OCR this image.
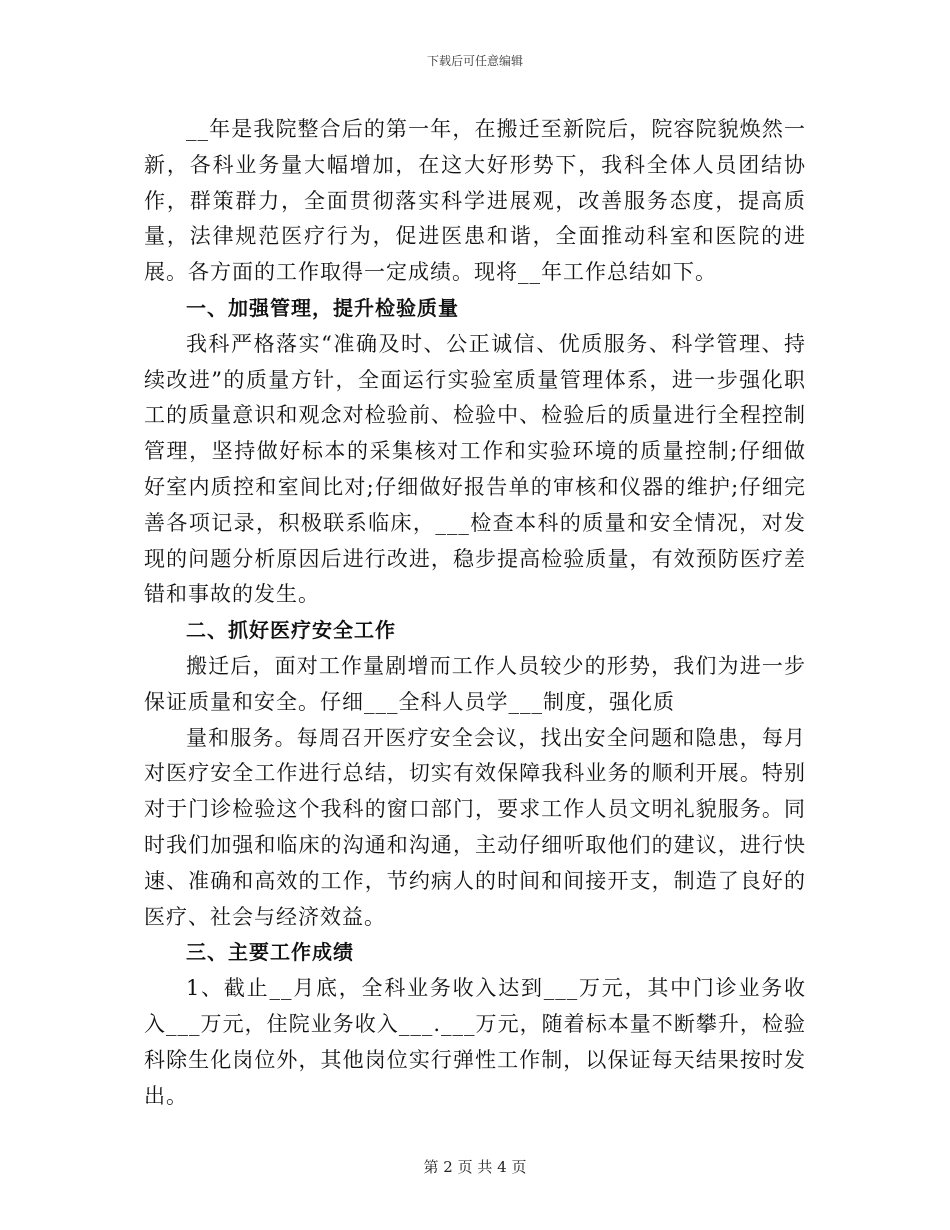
下载后可任意编辑

__年是我院整合后的第一年，在搬迁至新院后，院容院貌焕然一新，各科业务量大幅增加，在这大好形势下，我科全体人员团结协作，群策群力，全面贯彻落实科学进展观，改善服务态度，提高质量，法律规范医疗行为，促进医患和谐，全面推动科室和医院的进展。各方面的工作取得一定成绩。现将__年工作总结如下。

一、加强管理，提升检验质量

我科严格落实“准确及时、公正诚信、优质服务、科学管理、持续改进”的质量方针，全面运行实验室质量管理体系，进一步强化职工的质量意识和观念对检验前、检验中、检验后的质量进行全程控制管理，坚持做好标本的采集核对工作和实验环境的质量控制;仔细做好室内质控和室间比对;仔细做好报告单的审核和仪器的维护;仔细完善各项记录，积极联系临床，___检查本科的质量和安全情况，对发现的问题分析原因后进行改进，稳步提高检验质量，有效预防医疗差错和事故的发生。

二、抓好医疗安全工作

搬迁后，面对工作量剧增而工作人员较少的形势，我们为进一步保证质量和安全。仔细___全科人员学___制度，强化质

量和服务。每周召开医疗安全会议，找出安全问题和隐患，每月对医疗安全工作进行总结，切实有效保障我科业务的顺利开展。特别对于门诊检验这个我科的窗口部门，要求工作人员文明礼貌服务。同时我们加强和临床的沟通和沟通，主动仔细听取他们的建议，进行快速、准确和高效的工作，节约病人的时间和间接开支，制造了良好的医疗、社会与经济效益。

三、主要工作成绩

1、截止__月底，全科业务收入达到___万元，其中门诊业务收入___万元，住院业务收入___.___万元，随着标本量不断攀升，检验科除生化岗位外，其他岗位实行弹性工作制，以保证每天结果按时发出。

第 2 页 共 4 页
